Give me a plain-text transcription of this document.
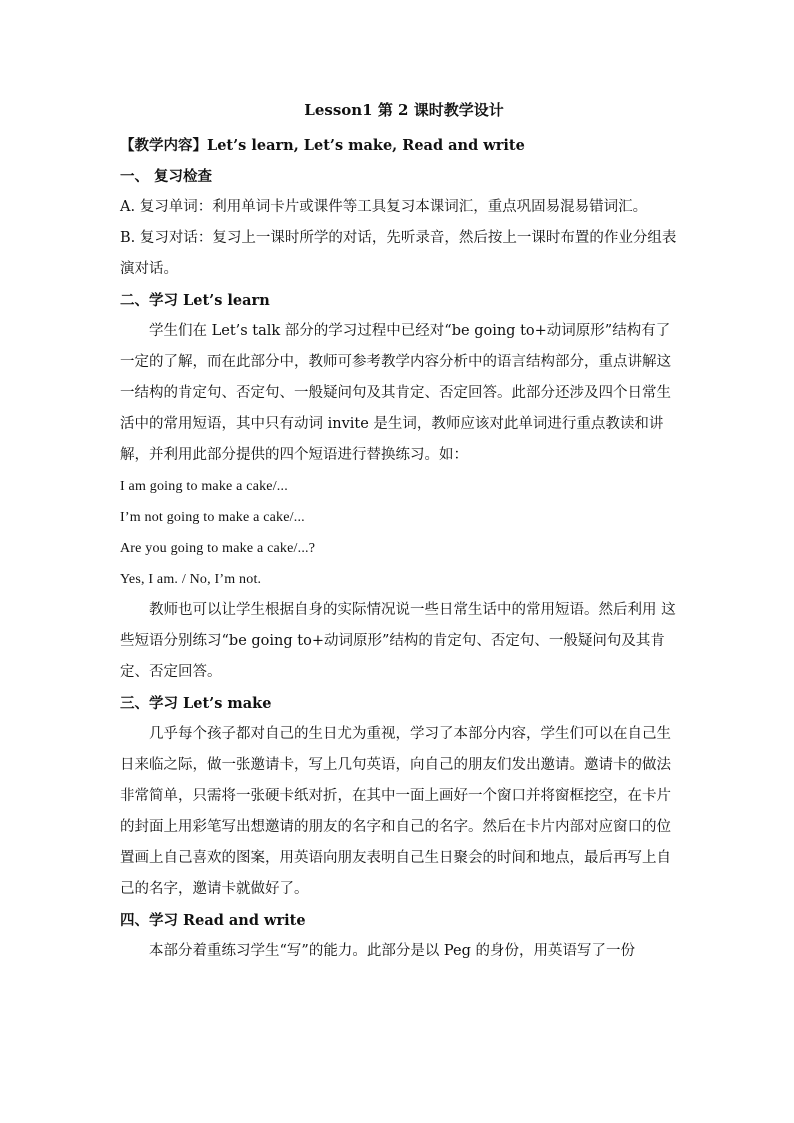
Lesson1 第 2 课时教学设计

【教学内容】Let’s learn, Let’s make, Read and write

一、 复习检查

A. 复习单词：利用单词卡片或课件等工具复习本课词汇，重点巩固易混易错词汇。

B. 复习对话：复习上一课时所学的对话，先听录音，然后按上一课时布置的作业分组表演对话。

二、学习 Let’s learn

学生们在 Let’s talk 部分的学习过程中已经对“be going to+动词原形”结构有了一定的了解，而在此部分中，教师可参考教学内容分析中的语言结构部分，重点讲解这一结构的肯定句、否定句、一般疑问句及其肯定、否定回答。此部分还涉及四个日常生活中的常用短语，其中只有动词 invite 是生词，教师应该对此单词进行重点教读和讲解，并利用此部分提供的四个短语进行替换练习。如：

I am going to make a cake/...

I’m not going to make a cake/...

Are you going to make a cake/...?

Yes, I am. / No, I’m not.

教师也可以让学生根据自身的实际情况说一些日常生话中的常用短语。然后利用 这些短语分别练习“be going to+动词原形”结构的肯定句、否定句、一般疑问句及其肯定、否定回答。

三、学习 Let’s make

几乎每个孩子都对自己的生日尤为重视，学习了本部分内容，学生们可以在自己生日来临之际，做一张邀请卡，写上几句英语，向自己的朋友们发出邀请。邀请卡的做法非常简单，只需将一张硬卡纸对折，在其中一面上画好一个窗口并将窗框挖空，在卡片的封面上用彩笔写出想邀请的朋友的名字和自己的名字。然后在卡片内部对应窗口的位置画上自己喜欢的图案，用英语向朋友表明自己生日聚会的时间和地点，最后再写上自己的名字，邀请卡就做好了。

四、学习 Read and write

本部分着重练习学生“写”的能力。此部分是以 Peg 的身份，用英语写了一份
